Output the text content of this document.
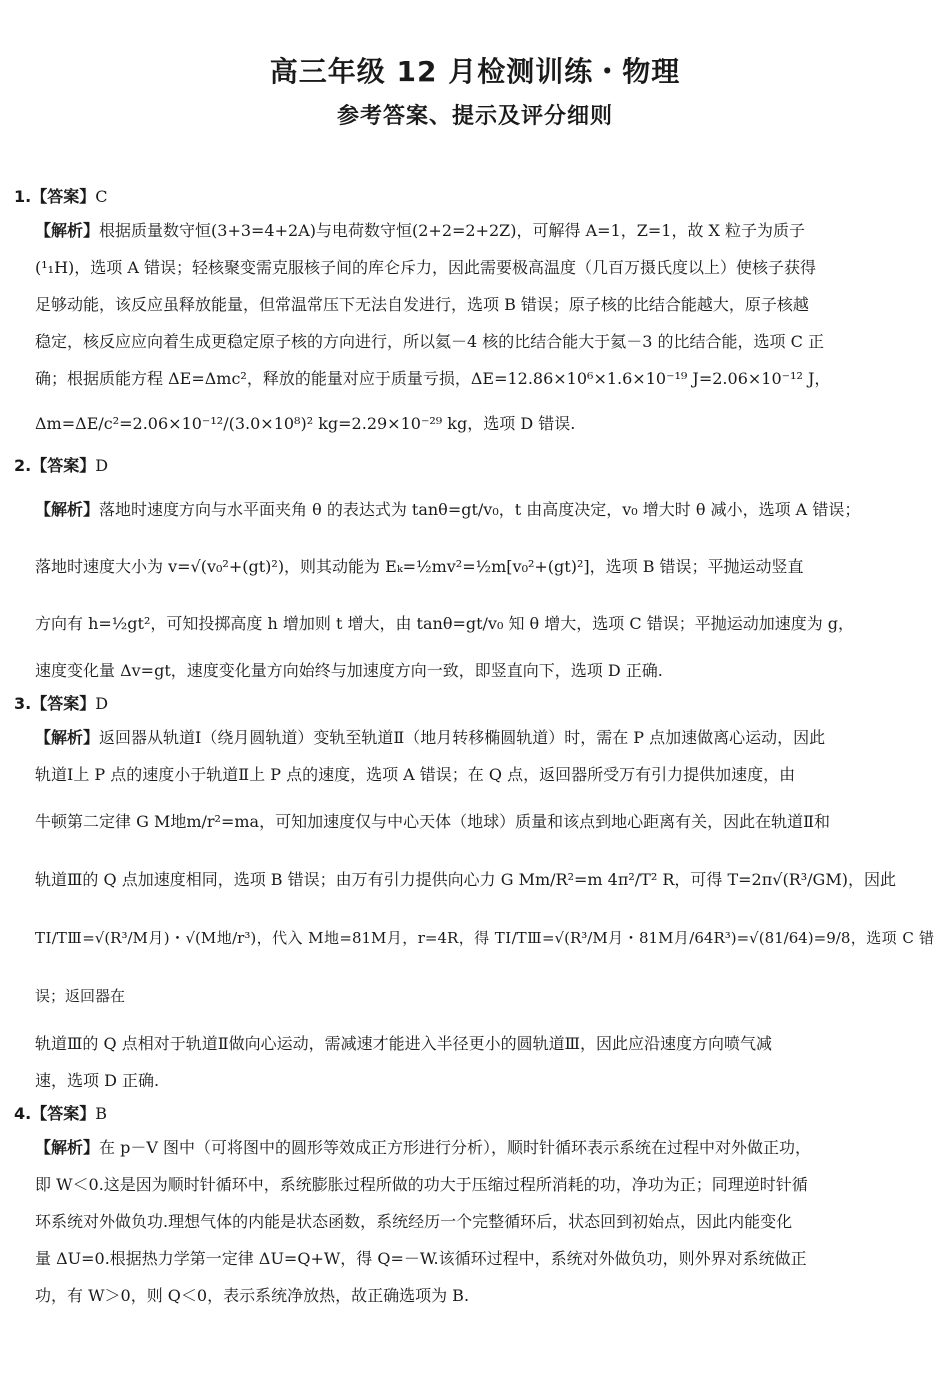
高三年级 12 月检测训练・物理
参考答案、提示及评分细则

1.【答案】C

【解析】根据质量数守恒(3+3=4+2A)与电荷数守恒(2+2=2+2Z)，可解得 A=1，Z=1，故 X 粒子为质子
(¹₁H)，选项 A 错误；轻核聚变需克服核子间的库仑斥力，因此需要极高温度（几百万摄氏度以上）使核子获得
足够动能，该反应虽释放能量，但常温常压下无法自发进行，选项 B 错误；原子核的比结合能越大，原子核越
稳定，核反应应向着生成更稳定原子核的方向进行，所以氦－4 核的比结合能大于氦－3 的比结合能，选项 C 正
确；根据质能方程 ΔE=Δmc²，释放的能量对应于质量亏损，ΔE=12.86×10⁶×1.6×10⁻¹⁹ J=2.06×10⁻¹² J，
Δm=ΔE/c²=2.06×10⁻¹²/(3.0×10⁸)² kg=2.29×10⁻²⁹ kg，选项 D 错误.

2.【答案】D

【解析】落地时速度方向与水平面夹角 θ 的表达式为 tanθ=gt/v₀，t 由高度决定，v₀ 增大时 θ 减小，选项 A 错误；
落地时速度大小为 v=√(v₀²+(gt)²)，则其动能为 Eₖ=½mv²=½m[v₀²+(gt)²]，选项 B 错误；平抛运动竖直
方向有 h=½gt²，可知投掷高度 h 增加则 t 增大，由 tanθ=gt/v₀ 知 θ 增大，选项 C 错误；平抛运动加速度为 g，
速度变化量 Δv=gt，速度变化量方向始终与加速度方向一致，即竖直向下，选项 D 正确.

3.【答案】D

【解析】返回器从轨道Ⅰ（绕月圆轨道）变轨至轨道Ⅱ（地月转移椭圆轨道）时，需在 P 点加速做离心运动，因此
轨道Ⅰ上 P 点的速度小于轨道Ⅱ上 P 点的速度，选项 A 错误；在 Q 点，返回器所受万有引力提供加速度，由
牛顿第二定律 G M地m/r²=ma，可知加速度仅与中心天体（地球）质量和该点到地心距离有关，因此在轨道Ⅱ和
轨道Ⅲ的 Q 点加速度相同，选项 B 错误；由万有引力提供向心力 G Mm/R²=m 4π²/T² R，可得 T=2π√(R³/GM)，因此
TⅠ/TⅢ=√(R³/M月)・√(M地/r³)，代入 M地=81M月，r=4R，得 TⅠ/TⅢ=√(R³/M月・81M月/64R³)=√(81/64)=9/8，选项 C 错误；返回器在
轨道Ⅲ的 Q 点相对于轨道Ⅱ做向心运动，需减速才能进入半径更小的圆轨道Ⅲ，因此应沿速度方向喷气减
速，选项 D 正确.

4.【答案】B

【解析】在 p－V 图中（可将图中的圆形等效成正方形进行分析），顺时针循环表示系统在过程中对外做正功，
即 W＜0.这是因为顺时针循环中，系统膨胀过程所做的功大于压缩过程所消耗的功，净功为正；同理逆时针循
环系统对外做负功.理想气体的内能是状态函数，系统经历一个完整循环后，状态回到初始点，因此内能变化
量 ΔU=0.根据热力学第一定律 ΔU=Q+W，得 Q=－W.该循环过程中，系统对外做负功，则外界对系统做正
功，有 W＞0，则 Q＜0，表示系统净放热，故正确选项为 B.
